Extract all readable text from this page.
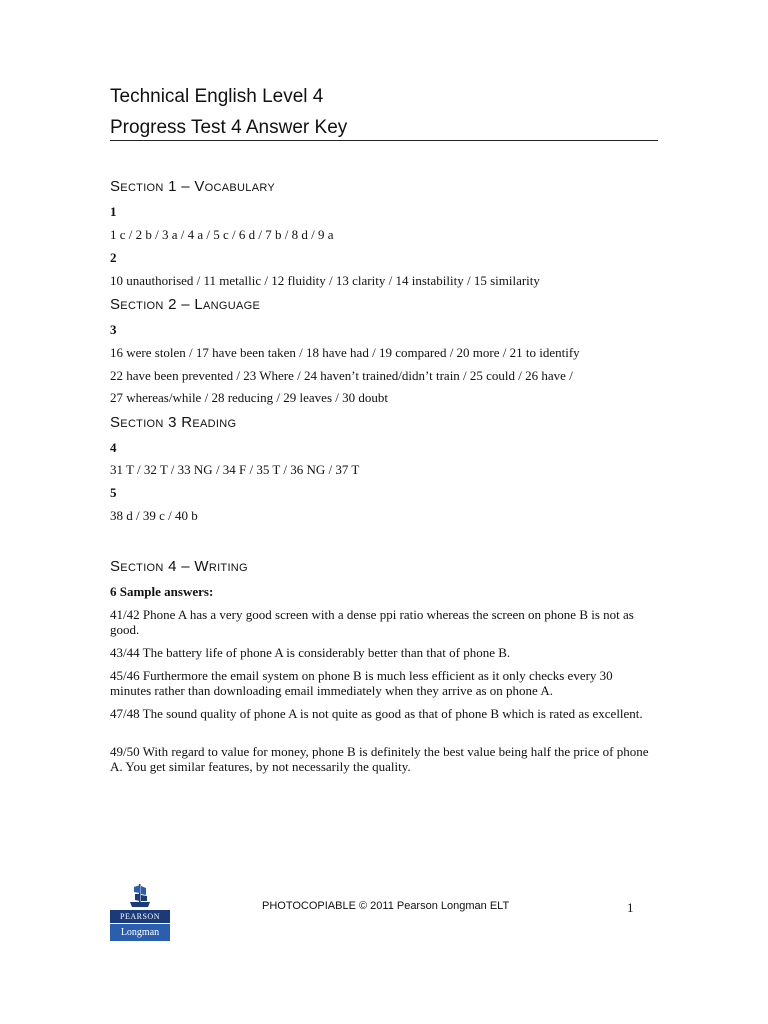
Technical English Level 4
Progress Test 4 Answer Key
Section 1 – Vocabulary
1
1 c / 2 b / 3 a / 4 a / 5 c / 6 d / 7 b / 8 d / 9 a
2
10 unauthorised / 11 metallic / 12 fluidity / 13 clarity / 14 instability / 15 similarity
Section 2 – Language
3
16 were stolen / 17 have been taken / 18 have had / 19 compared / 20 more / 21 to identify
22 have been prevented / 23 Where / 24 haven’t trained/didn’t train / 25 could / 26 have /
27 whereas/while / 28 reducing / 29 leaves / 30 doubt
Section 3 Reading
4
31 T / 32 T / 33 NG / 34 F / 35 T / 36 NG / 37 T
5
38 d / 39 c / 40 b
Section 4 – Writing
6 Sample answers:
41/42 Phone A has a very good screen with a dense ppi ratio whereas the screen on phone B is not as good.
43/44 The battery life of phone A is considerably better than that of phone B.
45/46 Furthermore the email system on phone B is much less efficient as it only checks every 30 minutes rather than downloading email immediately when they arrive as on phone A.
47/48 The sound quality of phone A is not quite as good as that of phone B which is rated as excellent.
49/50 With regard to value for money, phone B is definitely the best value being half the price of phone A. You get similar features, by not necessarily the quality.
PEARSON
Longman
PHOTOCOPIABLE © 2011 Pearson Longman ELT	1
